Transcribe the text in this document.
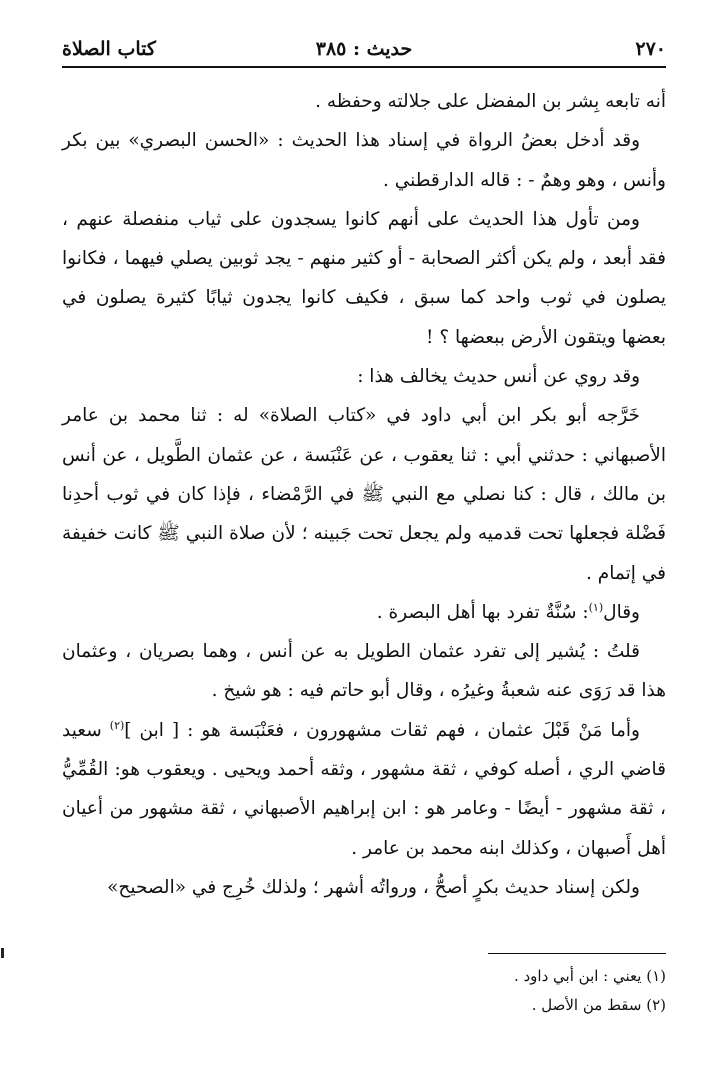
٢٧٠
حديث : ٣٨٥
كتاب الصلاة

أنه تابعه بِشر بن المفضل على جلالته وحفظه .

وقد أدخل بعضُ الرواة في إسناد هذا الحديث : «الحسن البصري» بين بكر وأنس ، وهو وهمٌ - : قاله الدارقطني .

ومن تأول هذا الحديث على أنهم كانوا يسجدون على ثياب منفصلة عنهم ، فقد أبعد ، ولم يكن أكثر الصحابة - أو كثير منهم - يجد ثوبين يصلي فيهما ، فكانوا يصلون في ثوب واحد كما سبق ، فكيف كانوا يجدون ثيابًا كثيرة يصلون في بعضها ويتقون الأرض ببعضها ؟ !

وقد روي عن أنس حديث يخالف هذا :

خَرَّجه أبو بكر ابن أبي داود في «كتاب الصلاة» له : ثنا محمد بن عامر الأصبهاني : حدثني أبي : ثنا يعقوب ، عن عَنْبَسة ، عن عثمان الطَّويل ، عن أنس بن مالك ، قال : كنا نصلي مع النبي ﷺ في الرَّمْضاء ، فإذا كان في ثوب أحدِنا فَضْلة فجعلها تحت قدميه ولم يجعل تحت جَبينه ؛ لأن صلاة النبي ﷺ كانت خفيفة في إتمام .

وقال$^{(١)}$: سُنَّةٌ تفرد بها أهل البصرة .

قلتُ : يُشير إلى تفرد عثمان الطويل به عن أنس ، وهما بصريان ، وعثمان هذا قد رَوَى عنه شعبةُ وغيرُه ، وقال أبو حاتم فيه : هو شيخ .

وأما مَنْ قَبْلَ عثمان ، فهم ثقات مشهورون ، فعَنْبَسة هو : [ ابن ]$^{(٢)}$ سعيد قاضي الري ، أصله كوفي ، ثقة مشهور ، وثقه أحمد ويحيى . ويعقوب هو: القُمِّيُّ ، ثقة مشهور - أيضًا - وعامر هو : ابن إبراهيم الأصبهاني ، ثقة مشهور من أعيان أهل أَصبهان ، وكذلك ابنه محمد بن عامر .

ولكن إسناد حديث بكرٍ أصحُّ ، ورواتُه أشهر ؛ ولذلك خُرِج في «الصحيح»

(١) يعني : ابن أبي داود .
(٢) سقط من الأصل .
